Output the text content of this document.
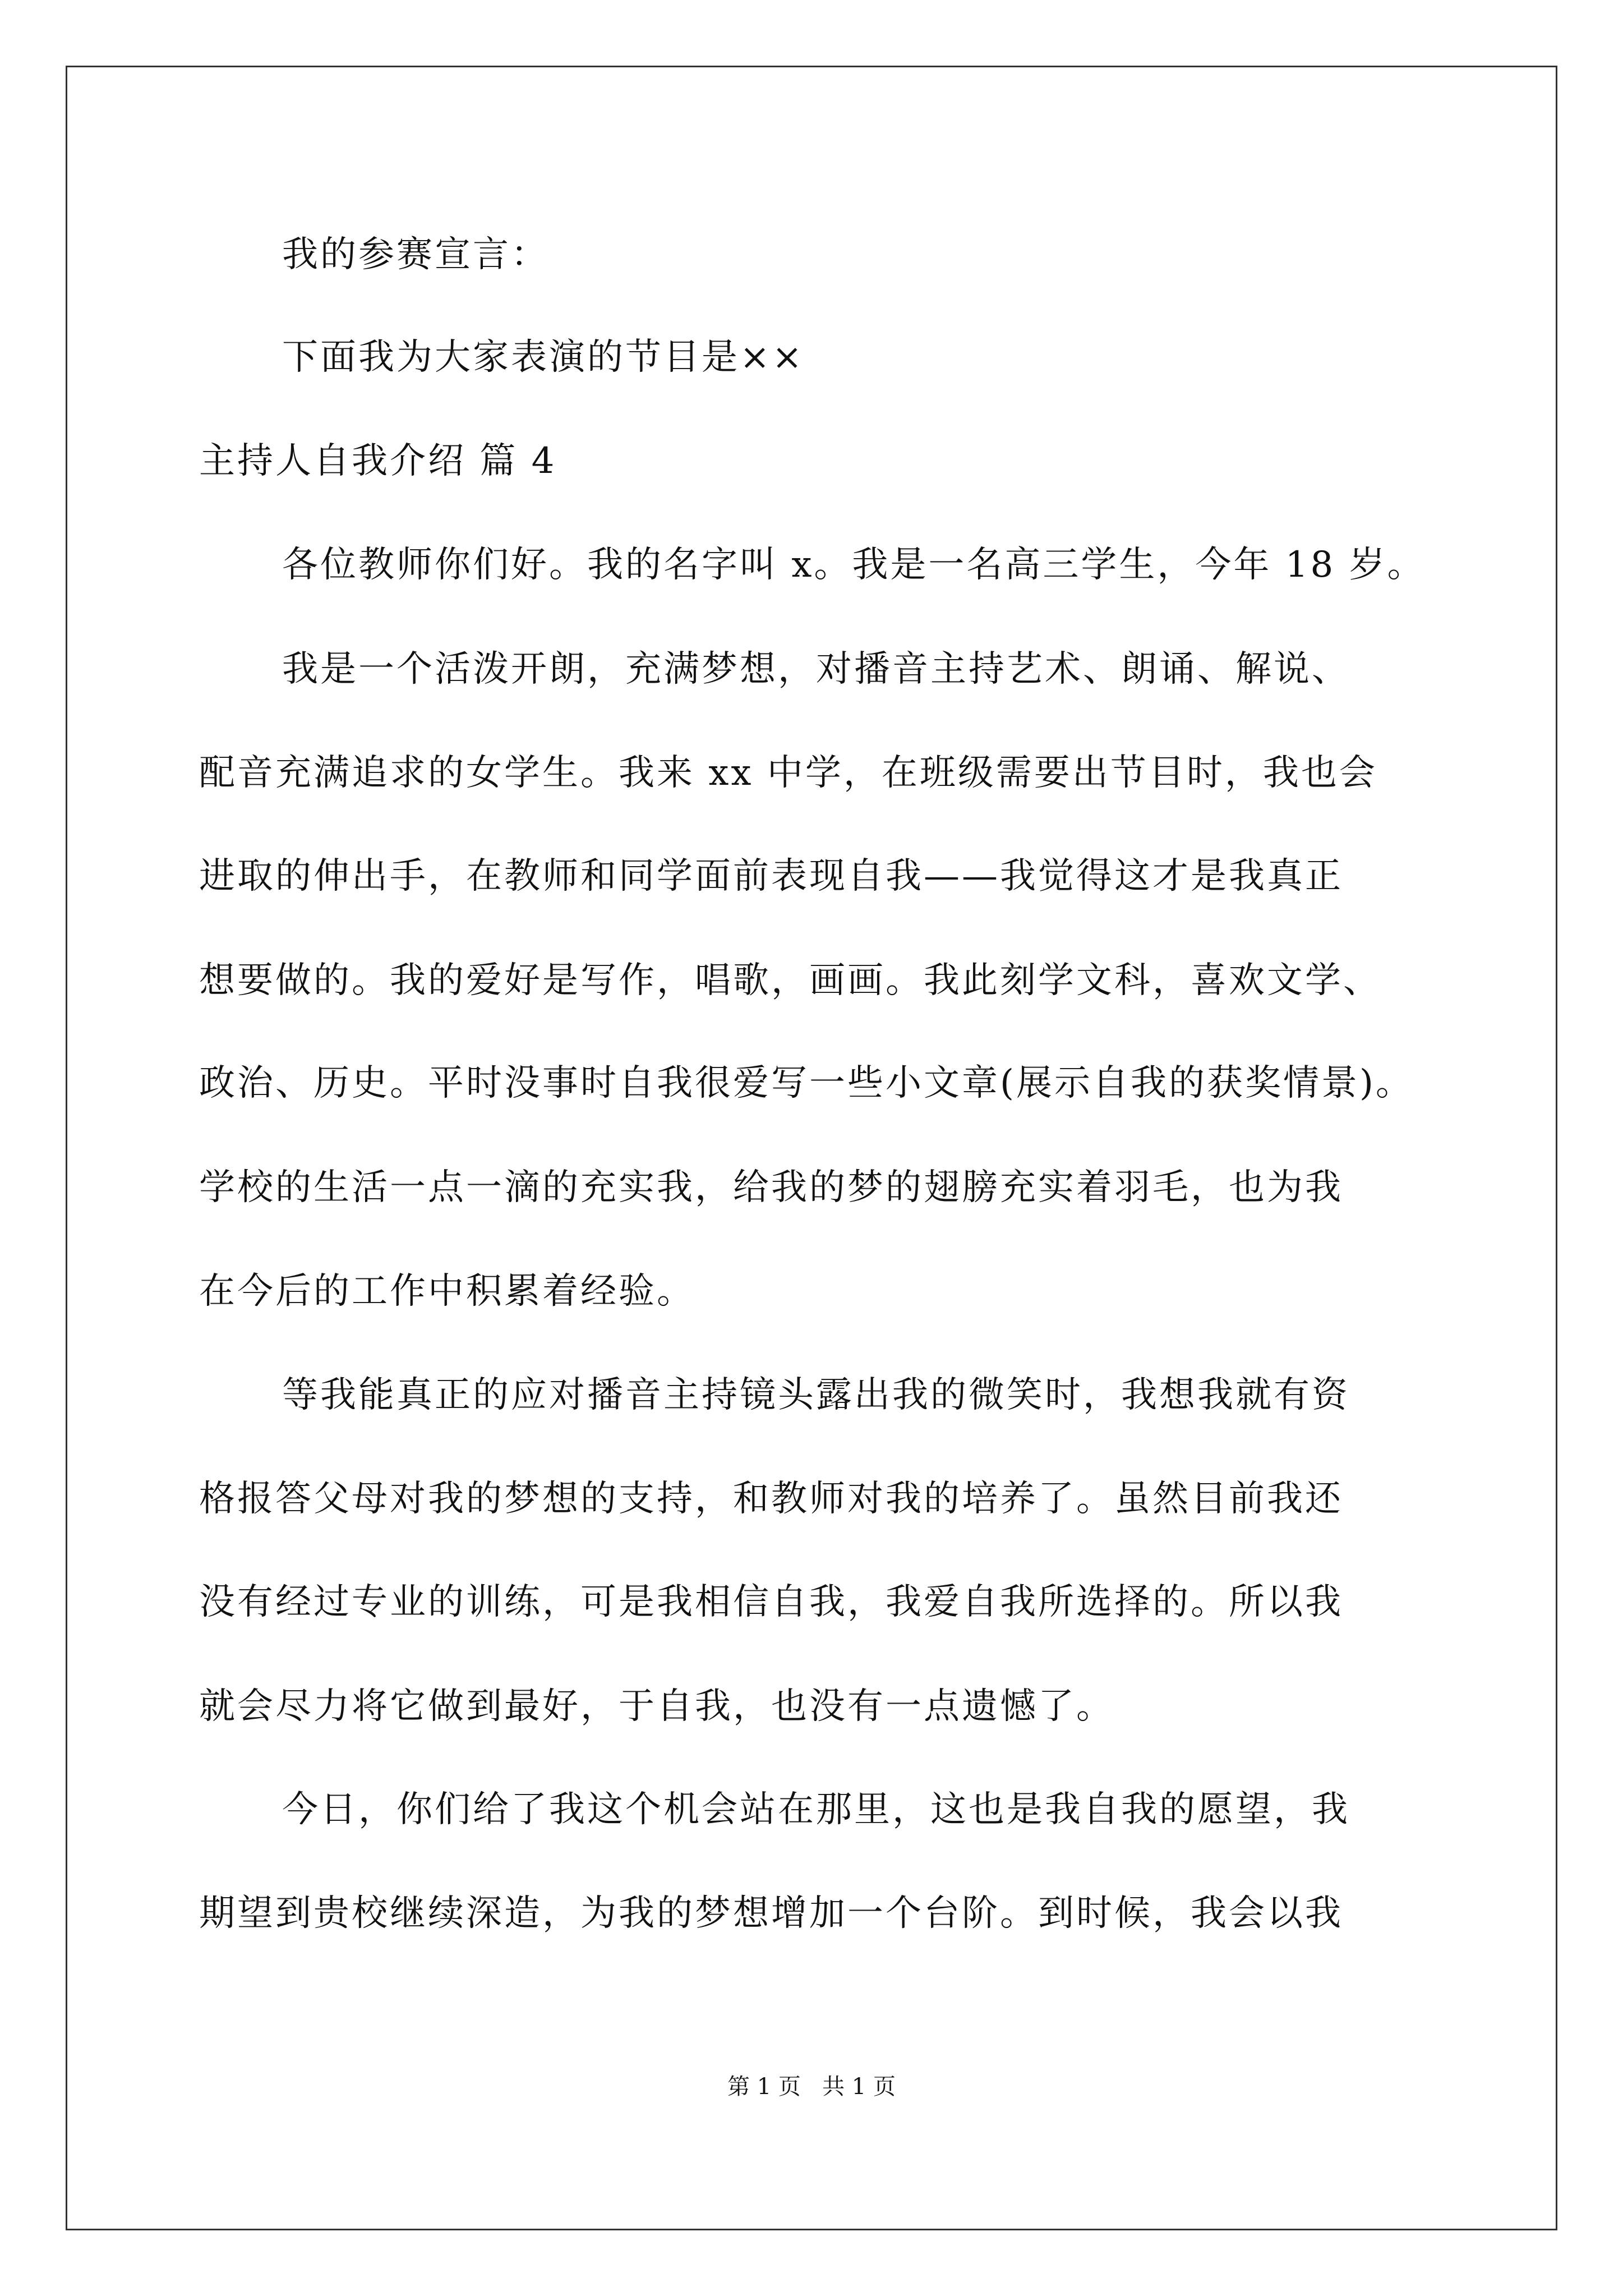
我的参赛宣言：
下面我为大家表演的节目是××
主持人自我介绍 篇 4
各位教师你们好。我的名字叫 x。我是一名高三学生，今年 18 岁。
我是一个活泼开朗，充满梦想，对播音主持艺术、朗诵、解说、
配音充满追求的女学生。我来 xx 中学，在班级需要出节目时，我也会
进取的伸出手，在教师和同学面前表现自我——我觉得这才是我真正
想要做的。我的爱好是写作，唱歌，画画。我此刻学文科，喜欢文学、
政治、历史。平时没事时自我很爱写一些小文章(展示自我的获奖情景)。
学校的生活一点一滴的充实我，给我的梦的翅膀充实着羽毛，也为我
在今后的工作中积累着经验。
等我能真正的应对播音主持镜头露出我的微笑时，我想我就有资
格报答父母对我的梦想的支持，和教师对我的培养了。虽然目前我还
没有经过专业的训练，可是我相信自我，我爱自我所选择的。所以我
就会尽力将它做到最好，于自我，也没有一点遗憾了。
今日，你们给了我这个机会站在那里，这也是我自我的愿望，我
期望到贵校继续深造，为我的梦想增加一个台阶。到时候，我会以我
第 1 页   共 1 页
